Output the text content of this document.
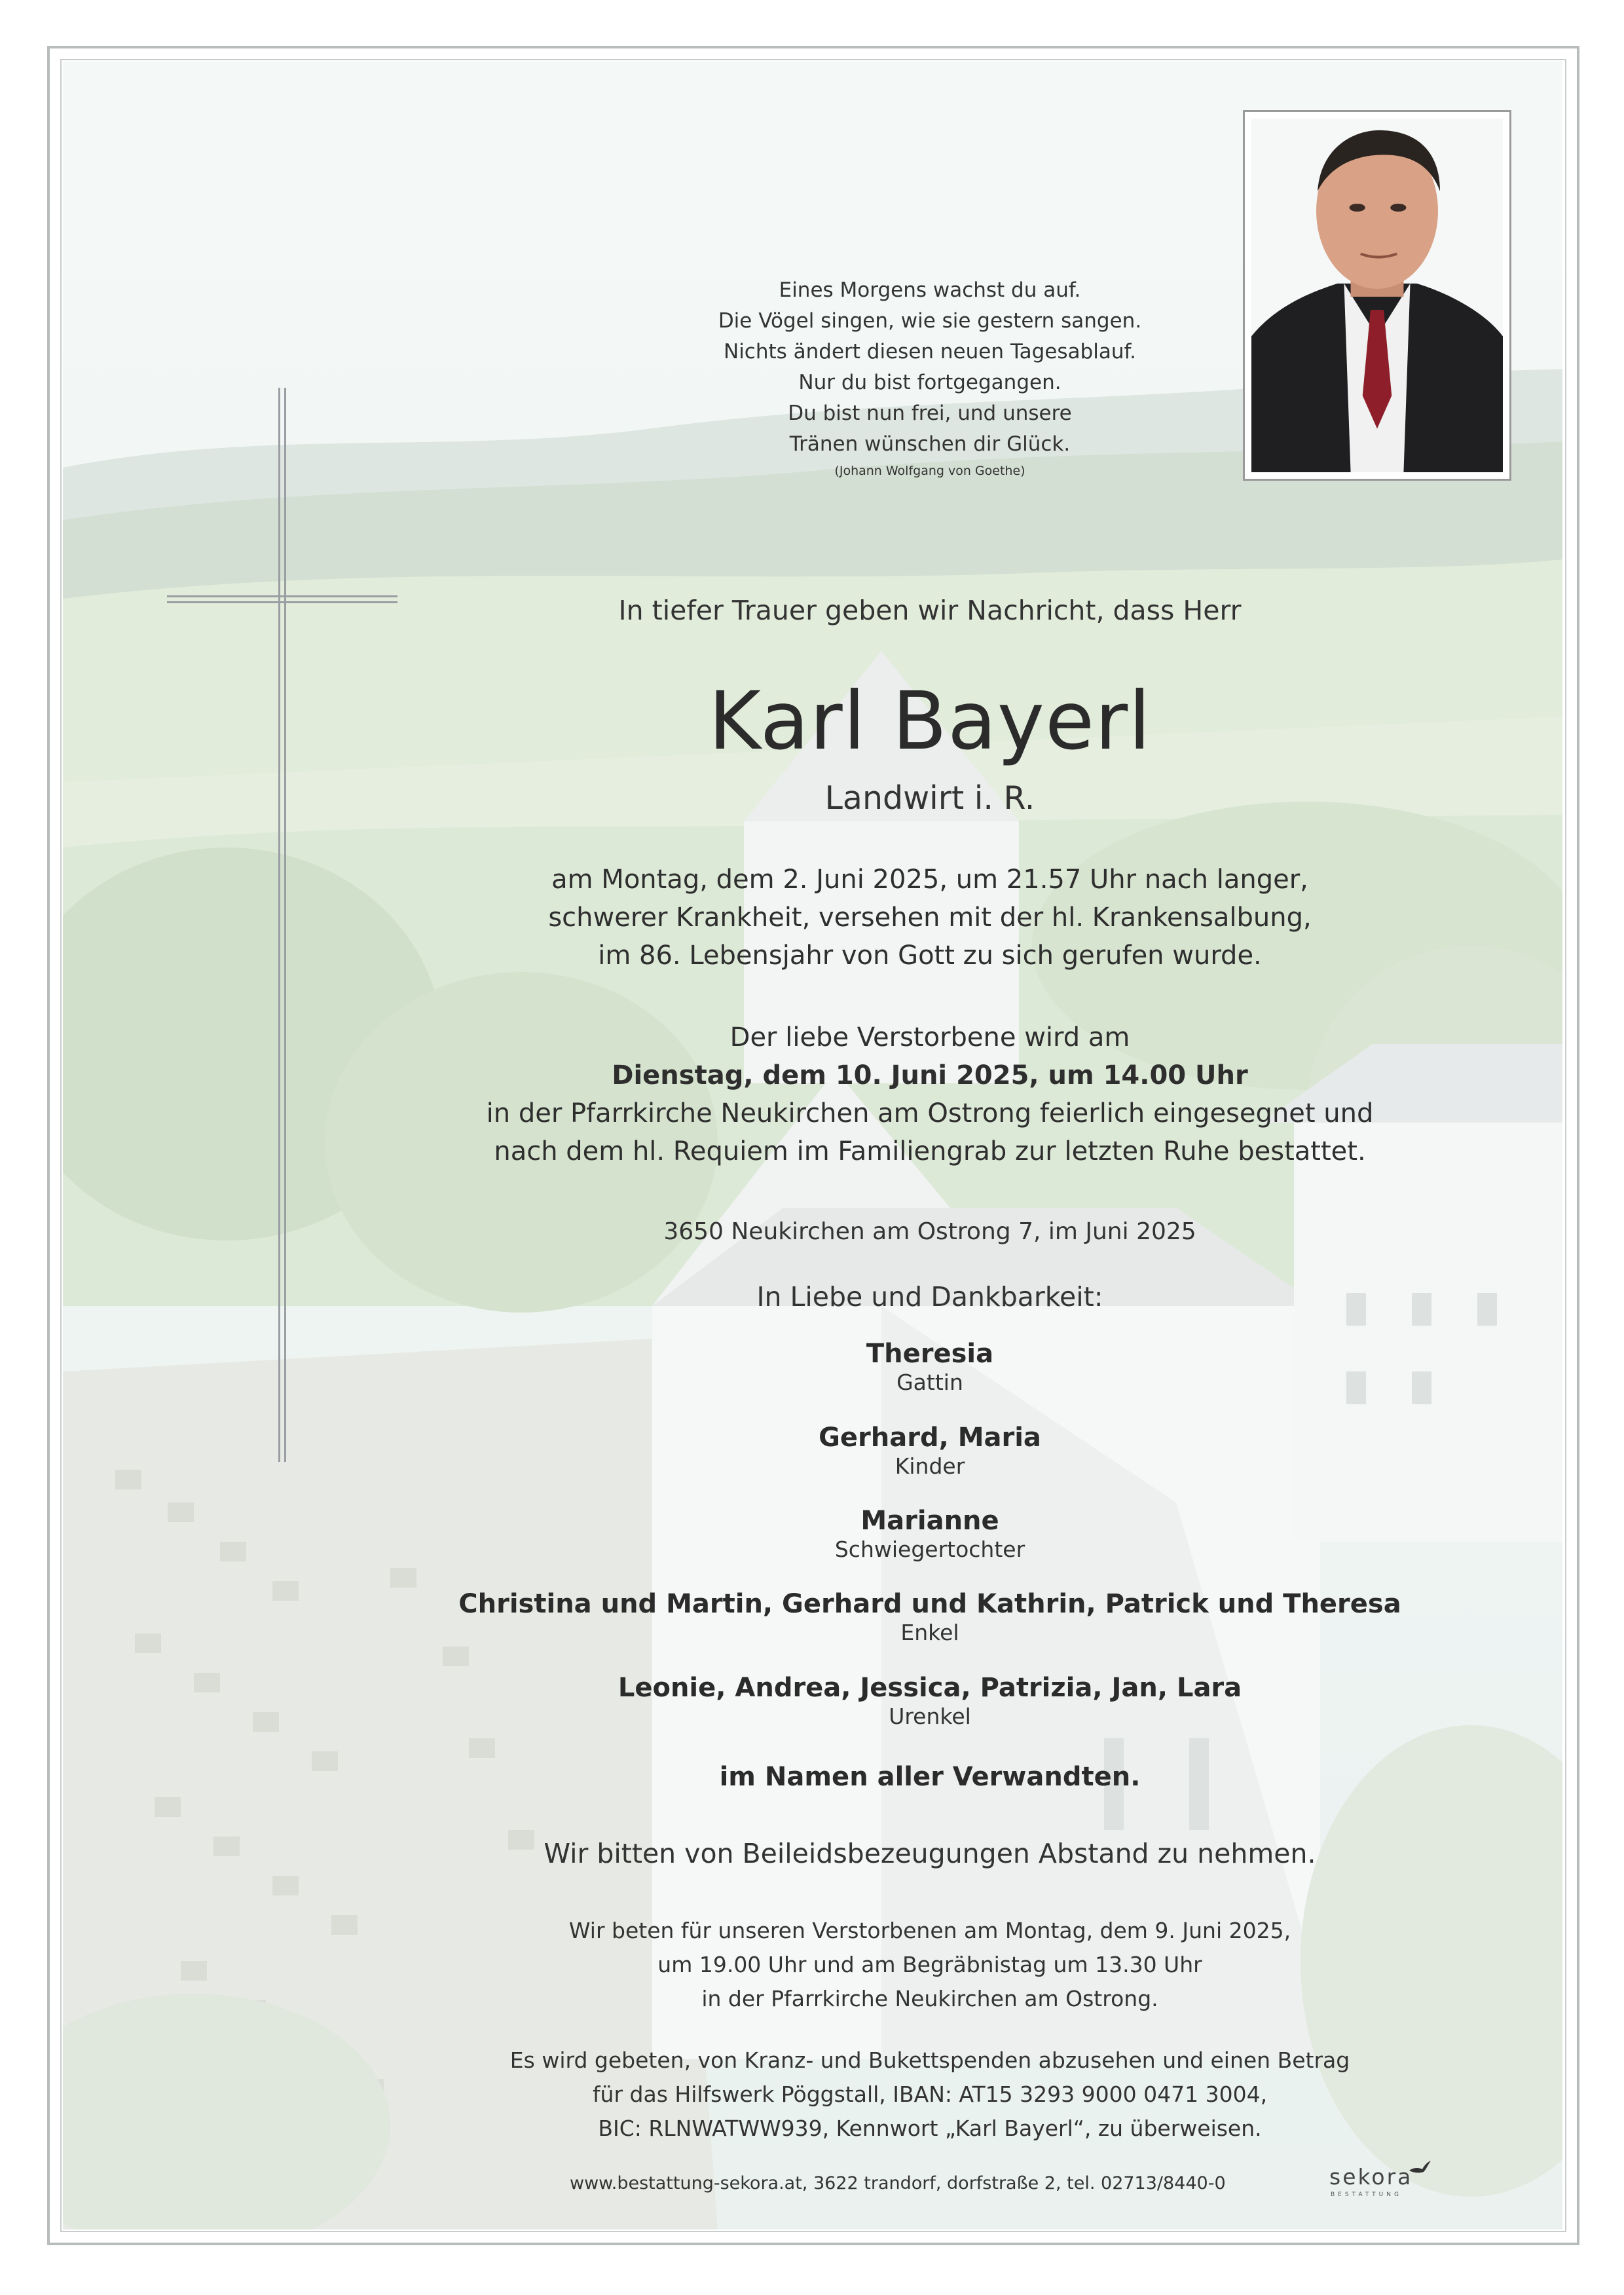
Eines Morgens wachst du auf.
Die Vögel singen, wie sie gestern sangen.
Nichts ändert diesen neuen Tagesablauf.
Nur du bist fortgegangen.
Du bist nun frei, und unsere
Tränen wünschen dir Glück.
(Johann Wolfgang von Goethe)
In tiefer Trauer geben wir Nachricht, dass Herr
Karl Bayerl
Landwirt i. R.
am Montag, dem 2. Juni 2025, um 21.57 Uhr nach langer,
schwerer Krankheit, versehen mit der hl. Krankensalbung,
im 86. Lebensjahr von Gott zu sich gerufen wurde.
Der liebe Verstorbene wird am
Dienstag, dem 10. Juni 2025, um 14.00 Uhr
in der Pfarrkirche Neukirchen am Ostrong feierlich eingesegnet und
nach dem hl. Requiem im Familiengrab zur letzten Ruhe bestattet.
3650 Neukirchen am Ostrong 7, im Juni 2025
In Liebe und Dankbarkeit:
Theresia
Gattin
Gerhard, Maria
Kinder
Marianne
Schwiegertochter
Christina und Martin, Gerhard und Kathrin, Patrick und Theresa
Enkel
Leonie, Andrea, Jessica, Patrizia, Jan, Lara
Urenkel
im Namen aller Verwandten.
Wir bitten von Beileidsbezeugungen Abstand zu nehmen.
Wir beten für unseren Verstorbenen am Montag, dem 9. Juni 2025,
um 19.00 Uhr und am Begräbnistag um 13.30 Uhr
in der Pfarrkirche Neukirchen am Ostrong.
Es wird gebeten, von Kranz- und Bukettspenden abzusehen und einen Betrag
für das Hilfswerk Pöggstall, IBAN: AT15 3293 9000 0471 3004,
BIC: RLNWATWW939, Kennwort „Karl Bayerl“, zu überweisen.
www.bestattung-sekora.at, 3622 trandorf, dorfstraße 2, tel. 02713/8440-0	sekora
BESTATTUNG
